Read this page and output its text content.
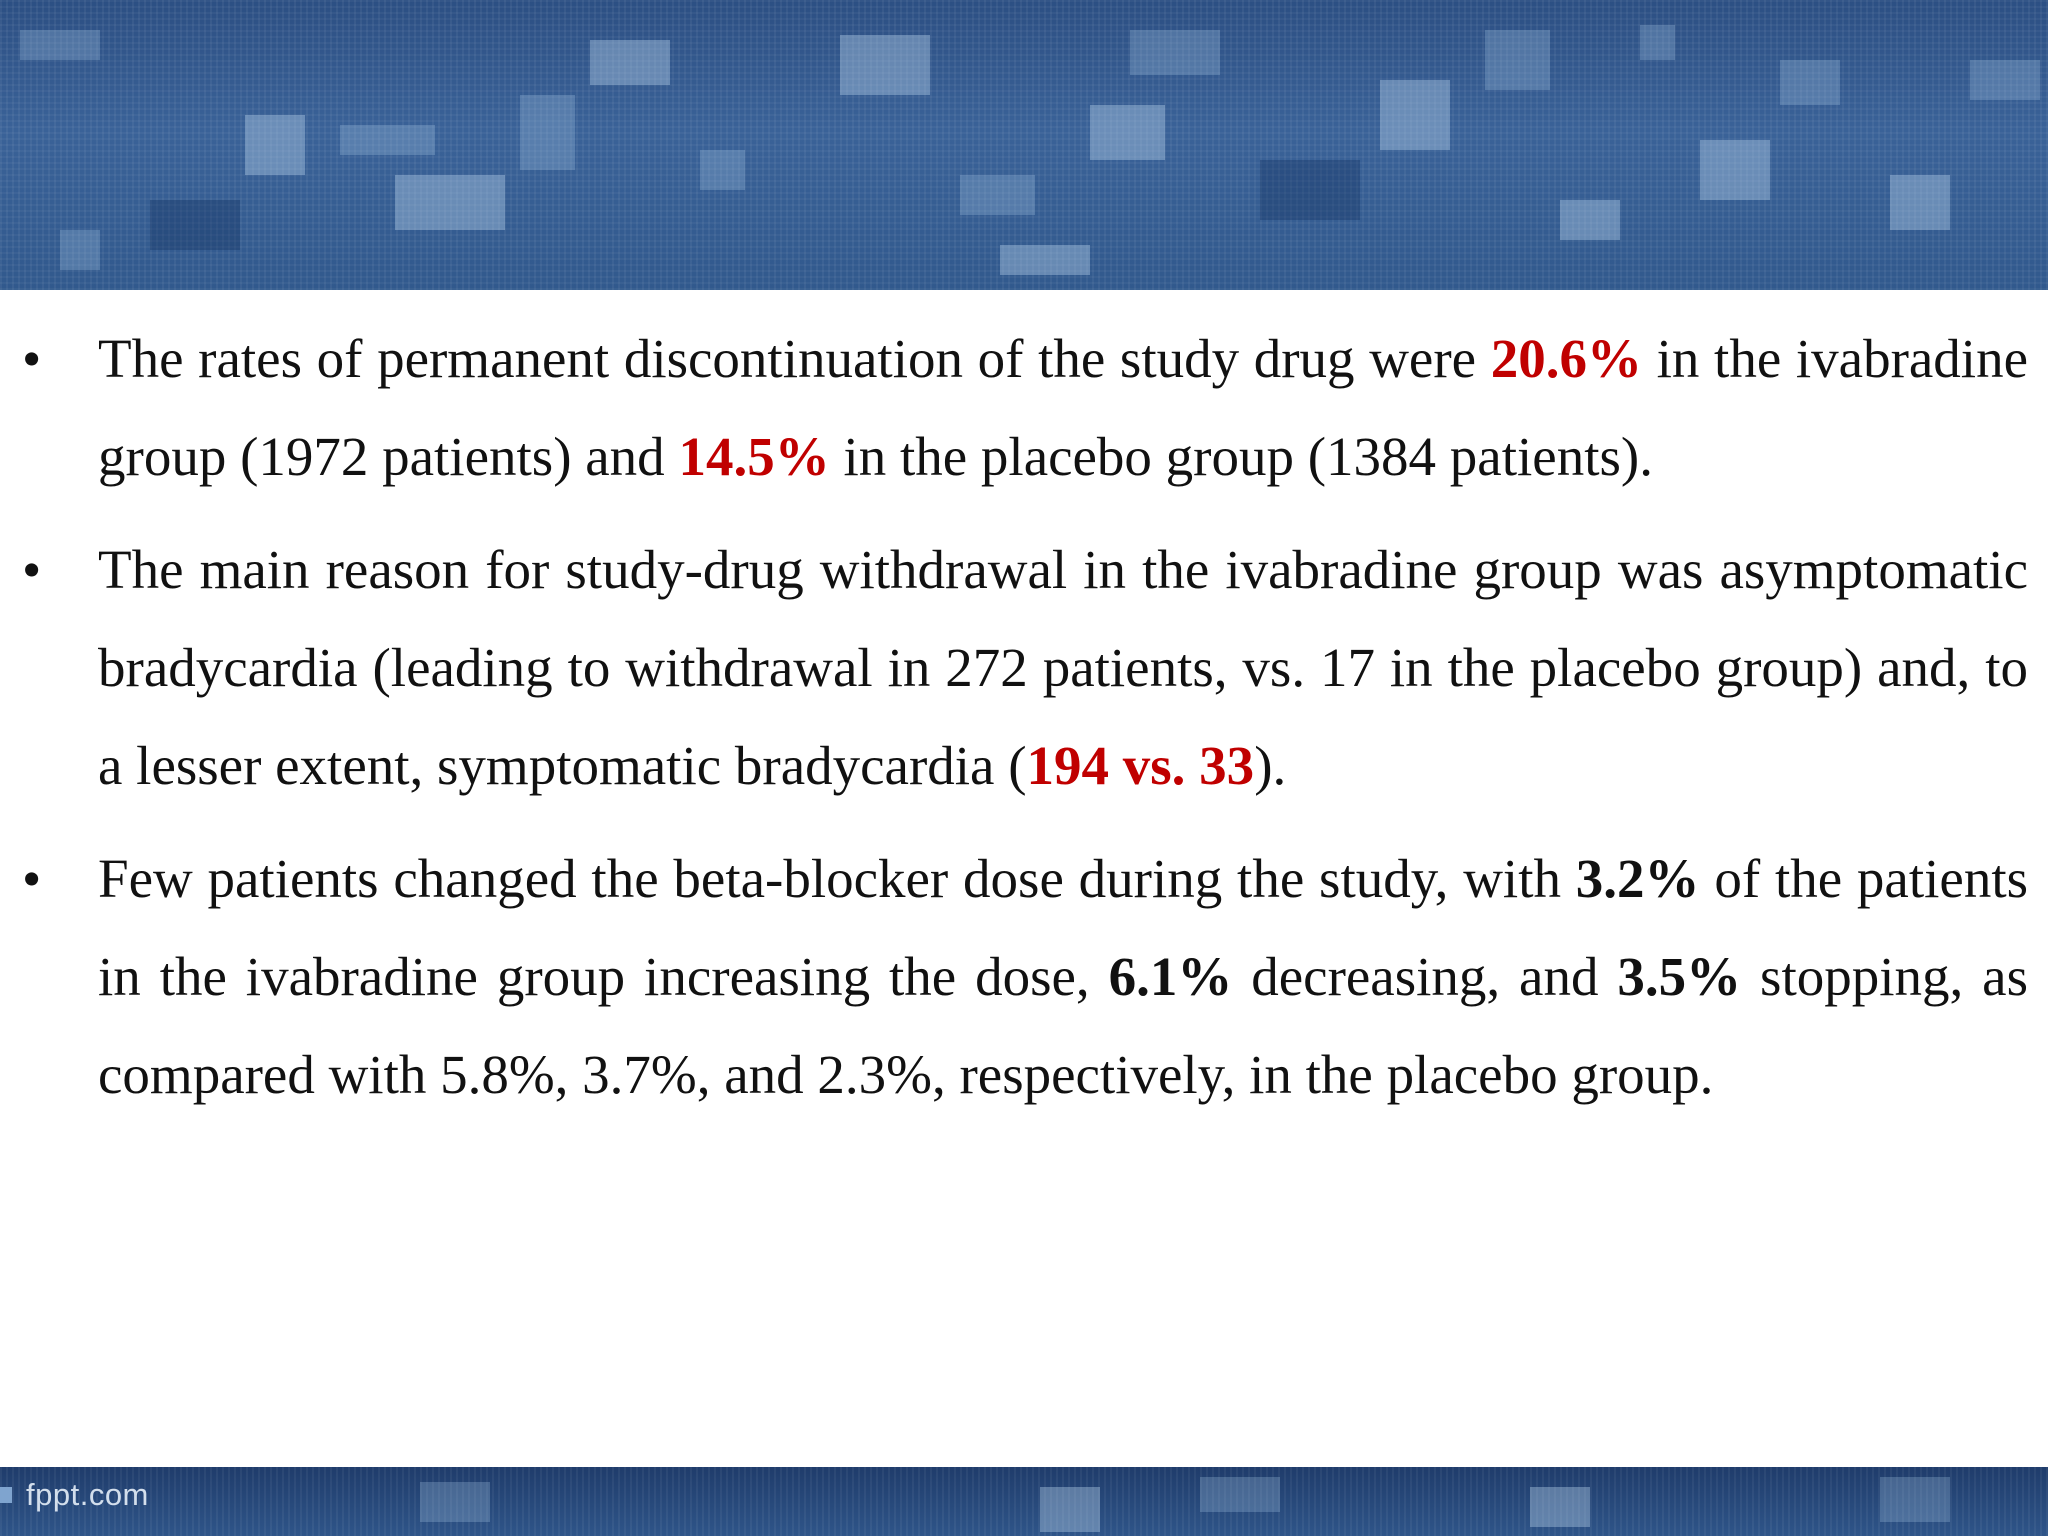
• The rates of permanent discontinuation of the study drug were 20.6% in the ivabradine group (1972 patients) and 14.5% in the placebo group (1384 patients).
• The main reason for study-drug withdrawal in the ivabradine group was asymptomatic bradycardia (leading to withdrawal in 272 patients, vs. 17 in the placebo group) and, to a lesser extent, symptomatic bradycardia (194 vs. 33).
• Few patients changed the beta-blocker dose during the study, with 3.2% of the patients in the ivabradine group increasing the dose, 6.1% decreasing, and 3.5% stopping, as compared with 5.8%, 3.7%, and 2.3%, respectively, in the placebo group.
fppt.com
